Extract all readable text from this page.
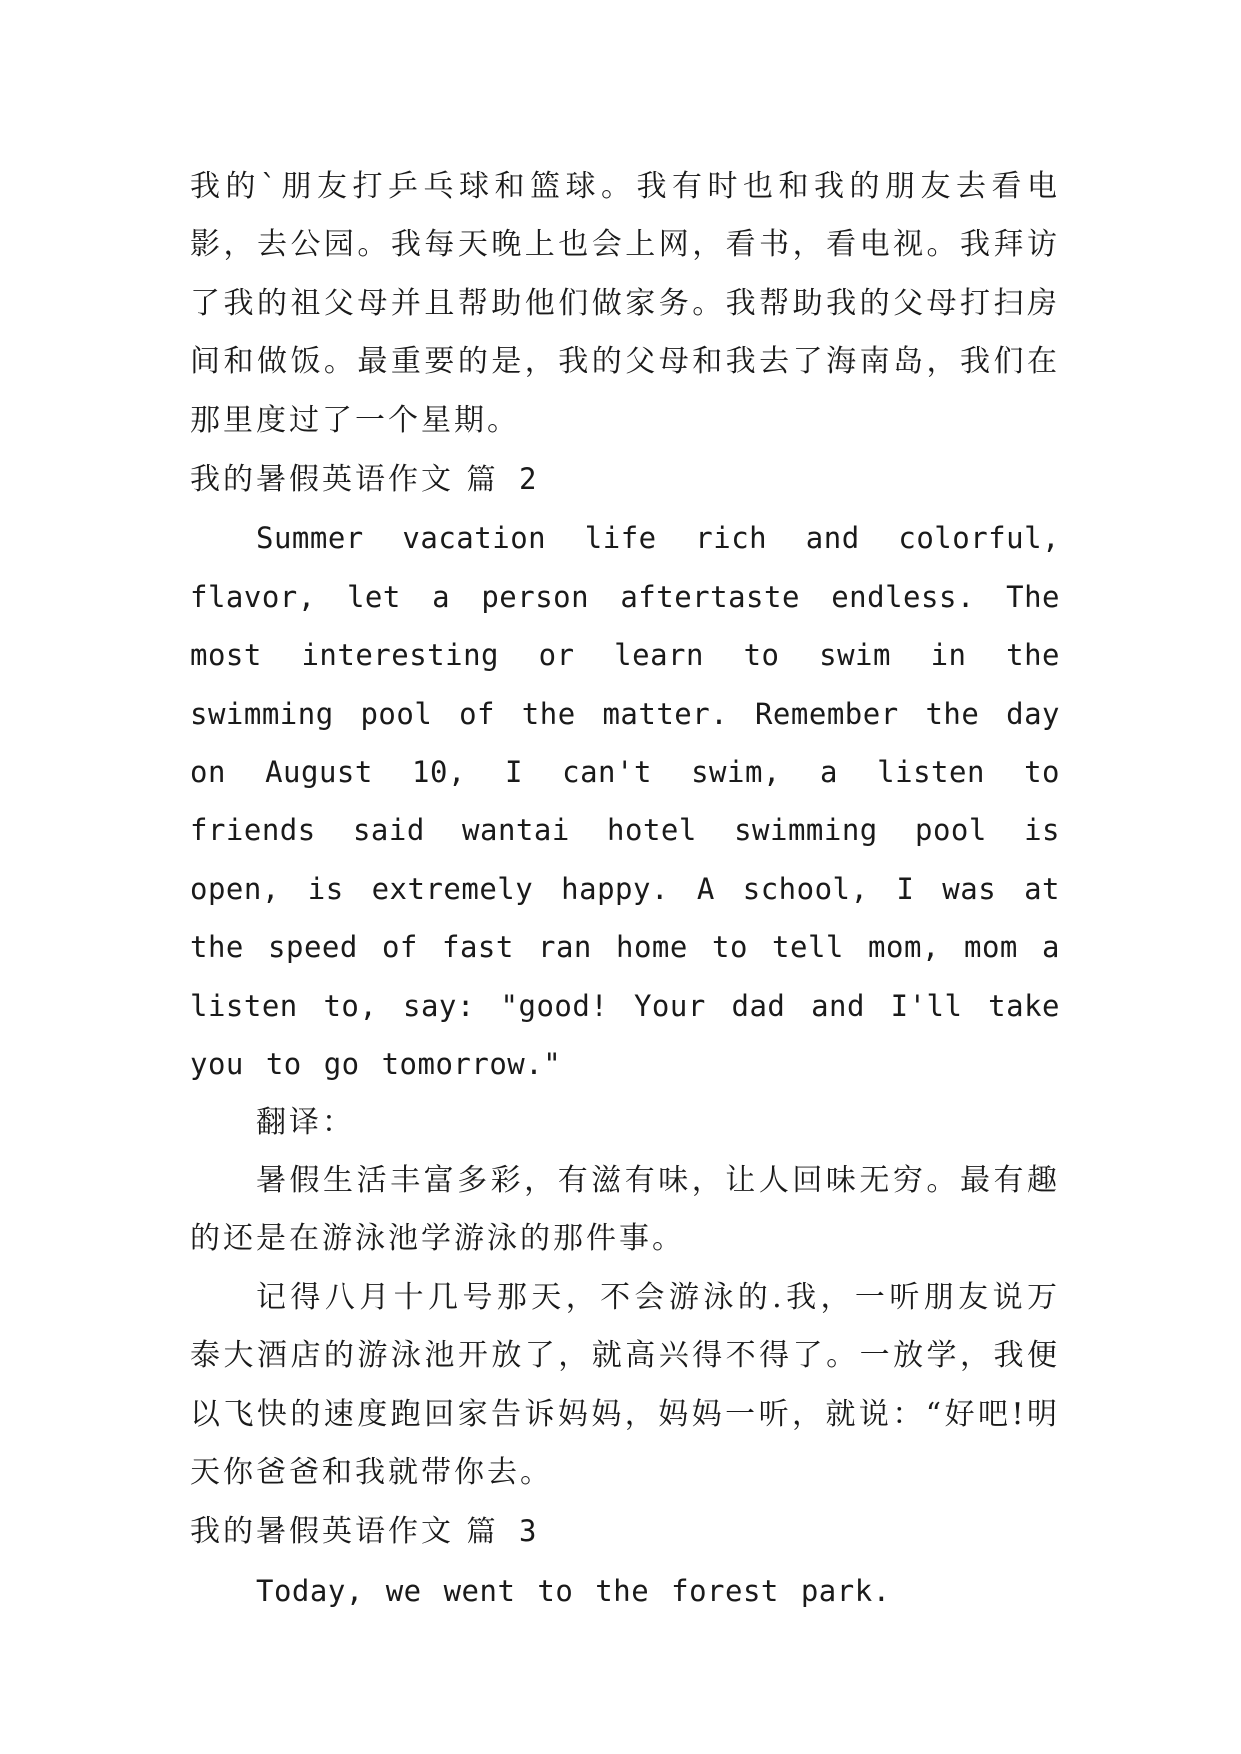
我的`朋友打乒乓球和篮球。我有时也和我的朋友去看电影，去公园。我每天晚上也会上网，看书，看电视。我拜访了我的祖父母并且帮助他们做家务。我帮助我的父母打扫房间和做饭。最重要的是，我的父母和我去了海南岛，我们在那里度过了一个星期。

我的暑假英语作文 篇 2

Summer vacation life rich and colorful, flavor, let a person aftertaste endless. The most interesting or learn to swim in the swimming pool of the matter. Remember the day on August 10, I can't swim, a listen to friends said wantai hotel swimming pool is open, is extremely happy. A school, I was at the speed of fast ran home to tell mom, mom a listen to, say: "good! Your dad and I'll take you to go tomorrow."

翻译：

暑假生活丰富多彩，有滋有味，让人回味无穷。最有趣的还是在游泳池学游泳的那件事。

记得八月十几号那天，不会游泳的.我，一听朋友说万泰大酒店的游泳池开放了，就高兴得不得了。一放学，我便以飞快的速度跑回家告诉妈妈，妈妈一听，就说：“好吧!明天你爸爸和我就带你去。

我的暑假英语作文 篇 3

Today, we went to the forest park.
